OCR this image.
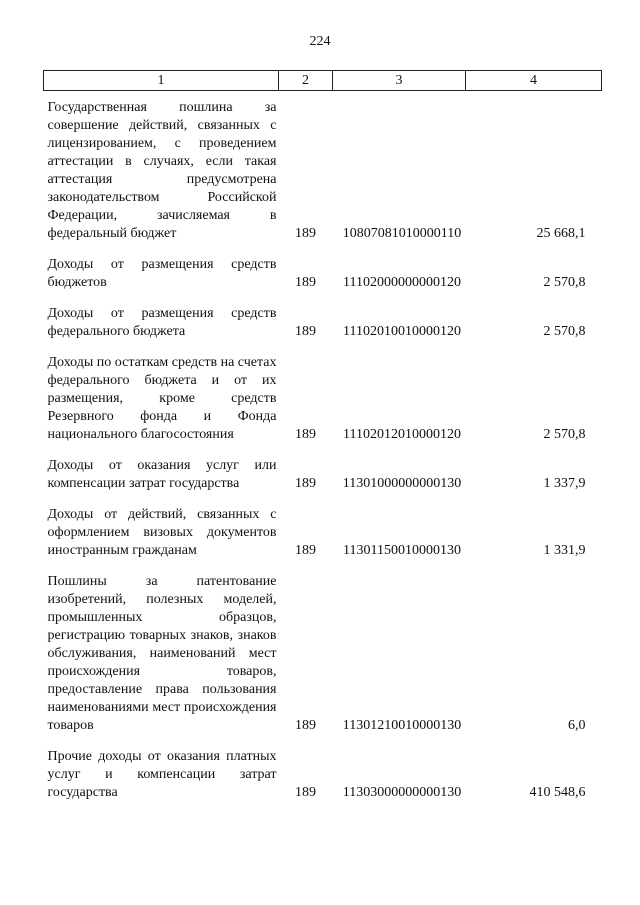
224
1	2	3	4
Государственная пошлина за совершение действий, связанных с лицензированием, с проведением аттестации в случаях, если такая аттестация предусмотрена законодательством Российской Федерации, зачисляемая в федеральный бюджет	189	10807081010000110	25 668,1
Доходы от размещения средств бюджетов	189	11102000000000120	2 570,8
Доходы от размещения средств федерального бюджета	189	11102010010000120	2 570,8
Доходы по остаткам средств на счетах федерального бюджета и от их размещения, кроме средств Резервного фонда и Фонда национального благосостояния	189	11102012010000120	2 570,8
Доходы от оказания услуг или компенсации затрат государства	189	11301000000000130	1 337,9
Доходы от действий, связанных с оформлением визовых документов иностранным гражданам	189	11301150010000130	1 331,9
Пошлины за патентование изобретений, полезных моделей, промышленных образцов, регистрацию товарных знаков, знаков обслуживания, наименований мест происхождения товаров, предоставление права пользования наименованиями мест происхождения товаров	189	11301210010000130	6,0
Прочие доходы от оказания платных услуг и компенсации затрат государства	189	11303000000000130	410 548,6
